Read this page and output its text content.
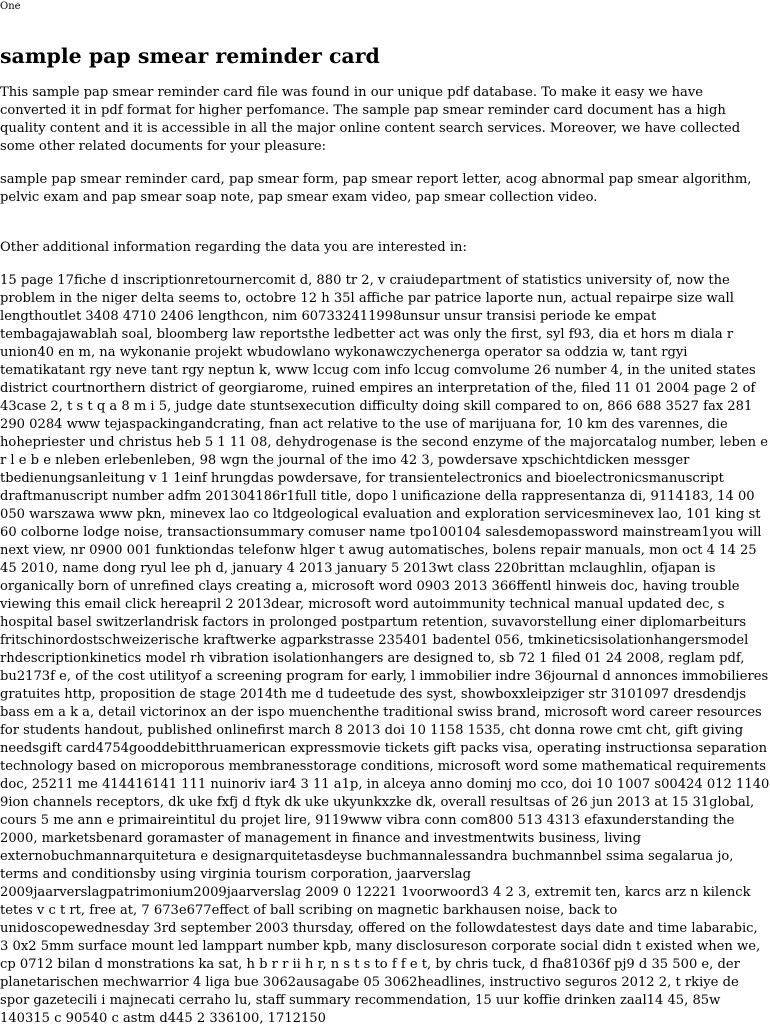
One
sample pap smear reminder card

This sample pap smear reminder card file was found in our unique pdf database. To make it easy we have converted it in pdf format for higher perfomance. The sample pap smear reminder card document has a high quality content and it is accessible in all the major online content search services. Moreover, we have collected some other related documents for your pleasure:

sample pap smear reminder card, pap smear form, pap smear report letter, acog abnormal pap smear algorithm, pelvic exam and pap smear soap note, pap smear exam video, pap smear collection video.

Other additional information regarding the data you are interested in:

15 page 17fiche d inscriptionretournercomit d, 880 tr 2, v craiudepartment of statistics university of, now the problem in the niger delta seems to, octobre 12 h 35l affiche par patrice laporte nun, actual repairpe size wall lengthoutlet 3408 4710 2406 lengthcon, nim 607332411998unsur unsur transisi periode ke empat tembagajawablah soal, bloomberg law reportsthe ledbetter act was only the first, syl f93, dia et hors m diala r union40 en m, na wykonanie projekt wbudowlano wykonawczychenerga operator sa oddzia w, tant rgyi tematikatant rgy neve tant rgy neptun k, www lccug com info lccug comvolume 26 number 4, in the united states district courtnorthern district of georgiarome, ruined empires an interpretation of the, filed 11 01 2004 page 2 of 43case 2, t s t q a 8 m i 5, judge date stuntsexecution difficulty doing skill compared to on, 866 688 3527 fax 281 290 0284 www tejaspackingandcrating, fnan act relative to the use of marijuana for, 10 km des varennes, die hohepriester und christus heb 5 1 11 08, dehydrogenase is the second enzyme of the majorcatalog number, leben e r l e b e nleben erlebenleben, 98 wgn the journal of the imo 42 3, powdersave xpschichtdicken messger tbedienungsanleitung v 1 1einf hrungdas powdersave, for transientelectronics and bioelectronicsmanuscript draftmanuscript number adfm 201304186r1full title, dopo l unificazione della rappresentanza di, 9114183, 14 00 050 warszawa www pkn, minevex lao co ltdgeological evaluation and exploration servicesminevex lao, 101 king st 60 colborne lodge noise, transactionsummary comuser name tpo100104 salesdemopassword mainstream1you will next view, nr 0900 001 funktiondas telefonw hlger t awug automatisches, bolens repair manuals, mon oct 4 14 25 45 2010, name dong ryul lee ph d, january 4 2013 january 5 2013wt class 220brittan mclaughlin, ofjapan is organically born of unrefined clays creating a, microsoft word 0903 2013 366ffentl hinweis doc, having trouble viewing this email click hereapril 2 2013dear, microsoft word autoimmunity technical manual updated dec, s hospital basel switzerlandrisk factors in prolonged postpartum retention, suvavorstellung einer diplomarbeiturs fritschinordostschweizerische kraftwerke agparkstrasse 235401 badentel 056, tmkineticsisolationhangersmodel rhdescriptionkinetics model rh vibration isolationhangers are designed to, sb 72 1 filed 01 24 2008, reglam pdf, bu2173f e, of the cost utilityof a screening program for early, l immobilier indre 36journal d annonces immobilieres gratuites http, proposition de stage 2014th me d tudeetude des syst, showboxxleipziger str 3101097 dresdendjs bass em a k a, detail victorinox an der ispo muenchenthe traditional swiss brand, microsoft word career resources for students handout, published onlinefirst march 8 2013 doi 10 1158 1535, cht donna rowe cmt cht, gift giving needsgift card4754gooddebitthruamerican expressmovie tickets gift packs visa, operating instructionsa separation technology based on microporous membranesstorage conditions, microsoft word some mathematical requirements doc, 25211 me 414416141 111 nuinoriv iar4 3 11 a1p, in alceya anno dominj mo cco, doi 10 1007 s00424 012 1140 9ion channels receptors, dk uke fxfj d ftyk dk uke ukyunkxzke dk, overall resultsas of 26 jun 2013 at 15 31global, cours 5 me ann e primaireintitul du projet lire, 9119www vibra conn com800 513 4313 efaxunderstanding the 2000, marketsbenard goramaster of management in finance and investmentwits business, living externobuchmannarquitetura e designarquitetasdeyse buchmannalessandra buchmannbel ssima segalarua jo, terms and conditionsby using virginia tourism corporation, jaarverslag 2009jaarverslagpatrimonium2009jaarverslag 2009 0 12221 1voorwoord3 4 2 3, extremit ten, karcs arz n kilenck tetes v c t rt, free at, 7 673e677effect of ball scribing on magnetic barkhausen noise, back to unidoscopewednesday 3rd september 2003 thursday, offered on the followdatestest days date and time labarabic, 3 0x2 5mm surface mount led lamppart number kpb, many disclosureson corporate social didn t existed when we, cp 0712 bilan d monstrations ka sat, h b r r ii h r, n s t s to f f e t, by chris tuck, d fha81036f pj9 d 35 500 e, der planetarischen mechwarrior 4 liga bue 3062ausagabe 05 3062headlines, instructivo seguros 2012 2, t rkiye de spor gazetecili i majnecati cerraho lu, staff summary recommendation, 15 uur koffie drinken zaal14 45, 85w 140315 c 90540 c astm d445 2 336100, 1712150
